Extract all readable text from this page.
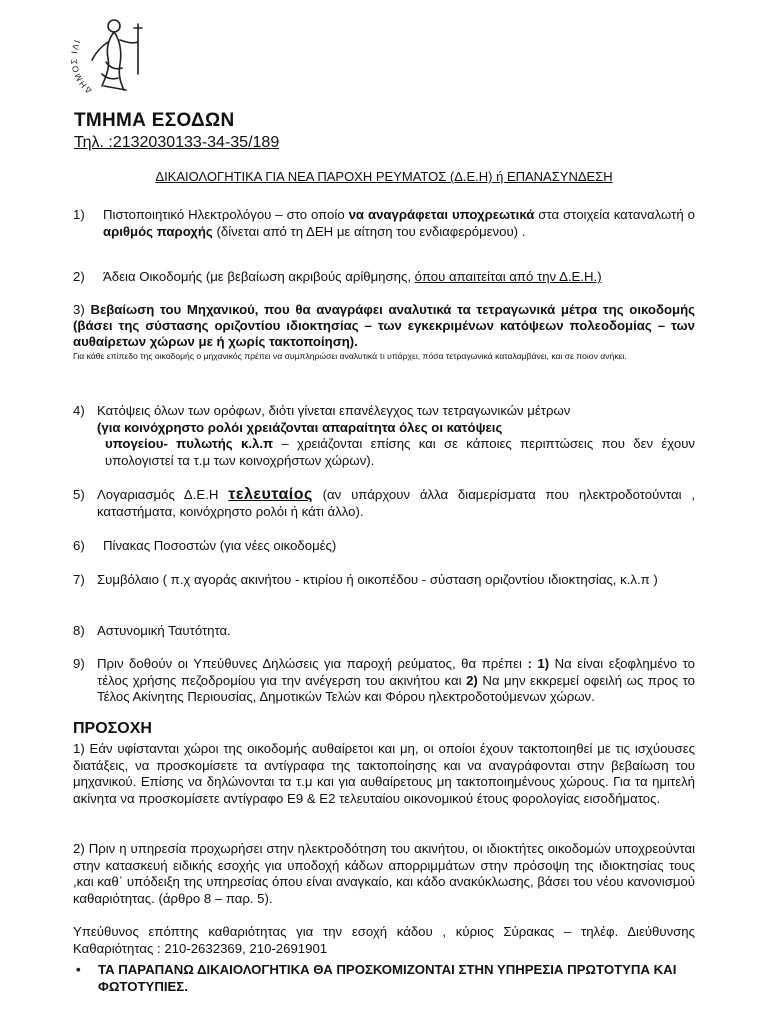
ΔΗΜΟΣ ΙΛΙ
ΤΜΗΜΑ ΕΣΟΔΩΝ
Τηλ. :2132030133-34-35/189
ΔΙΚΑΙΟΛΟΓΗΤΙΚΑ ΓΙΑ ΝΕΑ ΠΑΡΟΧΗ ΡΕΥΜΑΤΟΣ (Δ.Ε.Η) ή ΕΠΑΝΑΣΥΝΔΕΣΗ
1) Πιστοποιητικό Ηλεκτρολόγου – στο οποίο να αναγράφεται υποχρεωτικά στα στοιχεία καταναλωτή ο αριθμός παροχής (δίνεται από τη ΔΕΗ με αίτηση του ενδιαφερόμενου) .
2) Άδεια Οικοδομής (με βεβαίωση ακριβούς αρίθμησης, όπου απαιτείται από την Δ.Ε.Η.)
3) Βεβαίωση του Μηχανικού, που θα αναγράφει αναλυτικά τα τετραγωνικά μέτρα της οικοδομής (βάσει της σύστασης οριζοντίου ιδιοκτησίας – των εγκεκριμένων κατόψεων πολεοδομίας – των αυθαίρετων χώρων με ή χωρίς τακτοποίηση).
Για κάθε επίπεδο της οικοδομής ο μηχανικός πρέπει να συμπληρώσει αναλυτικά τι υπάρχει, πόσα τετραγωνικά καταλαμβάνει, και σε ποιον ανήκει.
4) Κατόψεις όλων των ορόφων, διότι γίνεται επανέλεγχος των τετραγωνικών μέτρων
(για κοινόχρηστο ρολόι χρειάζονται απαραίτητα όλες οι κατόψεις
υπογείου- πυλωτής κ.λ.π – χρειάζονται επίσης και σε κάποιες περιπτώσεις που δεν έχουν υπολογιστεί τα τ.μ των κοινοχρήστων χώρων).
5) Λογαριασμός Δ.Ε.Η τελευταίος (αν υπάρχουν άλλα διαμερίσματα που ηλεκτροδοτούνται , καταστήματα, κοινόχρηστο ρολόι ή κάτι άλλο).
6) Πίνακας Ποσοστών (για νέες οικοδομές)
7) Συμβόλαιο ( π.χ αγοράς ακινήτου - κτιρίου ή οικοπέδου - σύσταση οριζοντίου ιδιοκτησίας, κ.λ.π )
8) Αστυνομική Ταυτότητα.
9) Πριν δοθούν οι Υπεύθυνες Δηλώσεις για παροχή ρεύματος, θα πρέπει : 1) Να είναι εξοφλημένο το τέλος χρήσης πεζοδρομίου για την ανέγερση του ακινήτου και 2) Να μην εκκρεμεί οφειλή ως προς το Τέλος Ακίνητης Περιουσίας, Δημοτικών Τελών και Φόρου ηλεκτροδοτούμενων χώρων.
ΠΡΟΣΟΧΗ
1) Εάν υφίστανται χώροι της οικοδομής αυθαίρετοι και μη, οι οποίοι έχουν τακτοποιηθεί με τις ισχύουσες διατάξεις, να προσκομίσετε τα αντίγραφα της τακτοποίησης και να αναγράφονται στην βεβαίωση του μηχανικού. Επίσης να δηλώνονται τα τ.μ και για αυθαίρετους μη τακτοποιημένους χώρους. Για τα ημιτελή ακίνητα να προσκομίσετε αντίγραφο Ε9 & Ε2 τελευταίου οικονομικού έτους φορολογίας εισοδήματος.
2) Πριν η υπηρεσία προχωρήσει στην ηλεκτροδότηση του ακινήτου, οι ιδιοκτήτες οικοδομών υποχρεούνται στην κατασκευή ειδικής εσοχής για υποδοχή κάδων απορριμμάτων στην πρόσοψη της ιδιοκτησίας τους ,και καθ΄ υπόδειξη της υπηρεσίας όπου είναι αναγκαίο, και κάδο ανακύκλωσης, βάσει του νέου κανονισμού καθαριότητας. (άρθρο 8 – παρ. 5).
Υπεύθυνος επόπτης καθαριότητας για την εσοχή κάδου , κύριος Σύρακας – τηλέφ. Διεύθυνσης Καθαριότητας : 210-2632369, 210-2691901
• ΤΑ ΠΑΡΑΠΑΝΩ ΔΙΚΑΙΟΛΟΓΗΤΙΚΑ ΘΑ ΠΡΟΣΚΟΜΙΖΟΝΤΑΙ ΣΤΗΝ ΥΠΗΡΕΣΙΑ ΠΡΩΤΟΤΥΠΑ ΚΑΙ ΦΩΤΟΤΥΠΙΕΣ.
